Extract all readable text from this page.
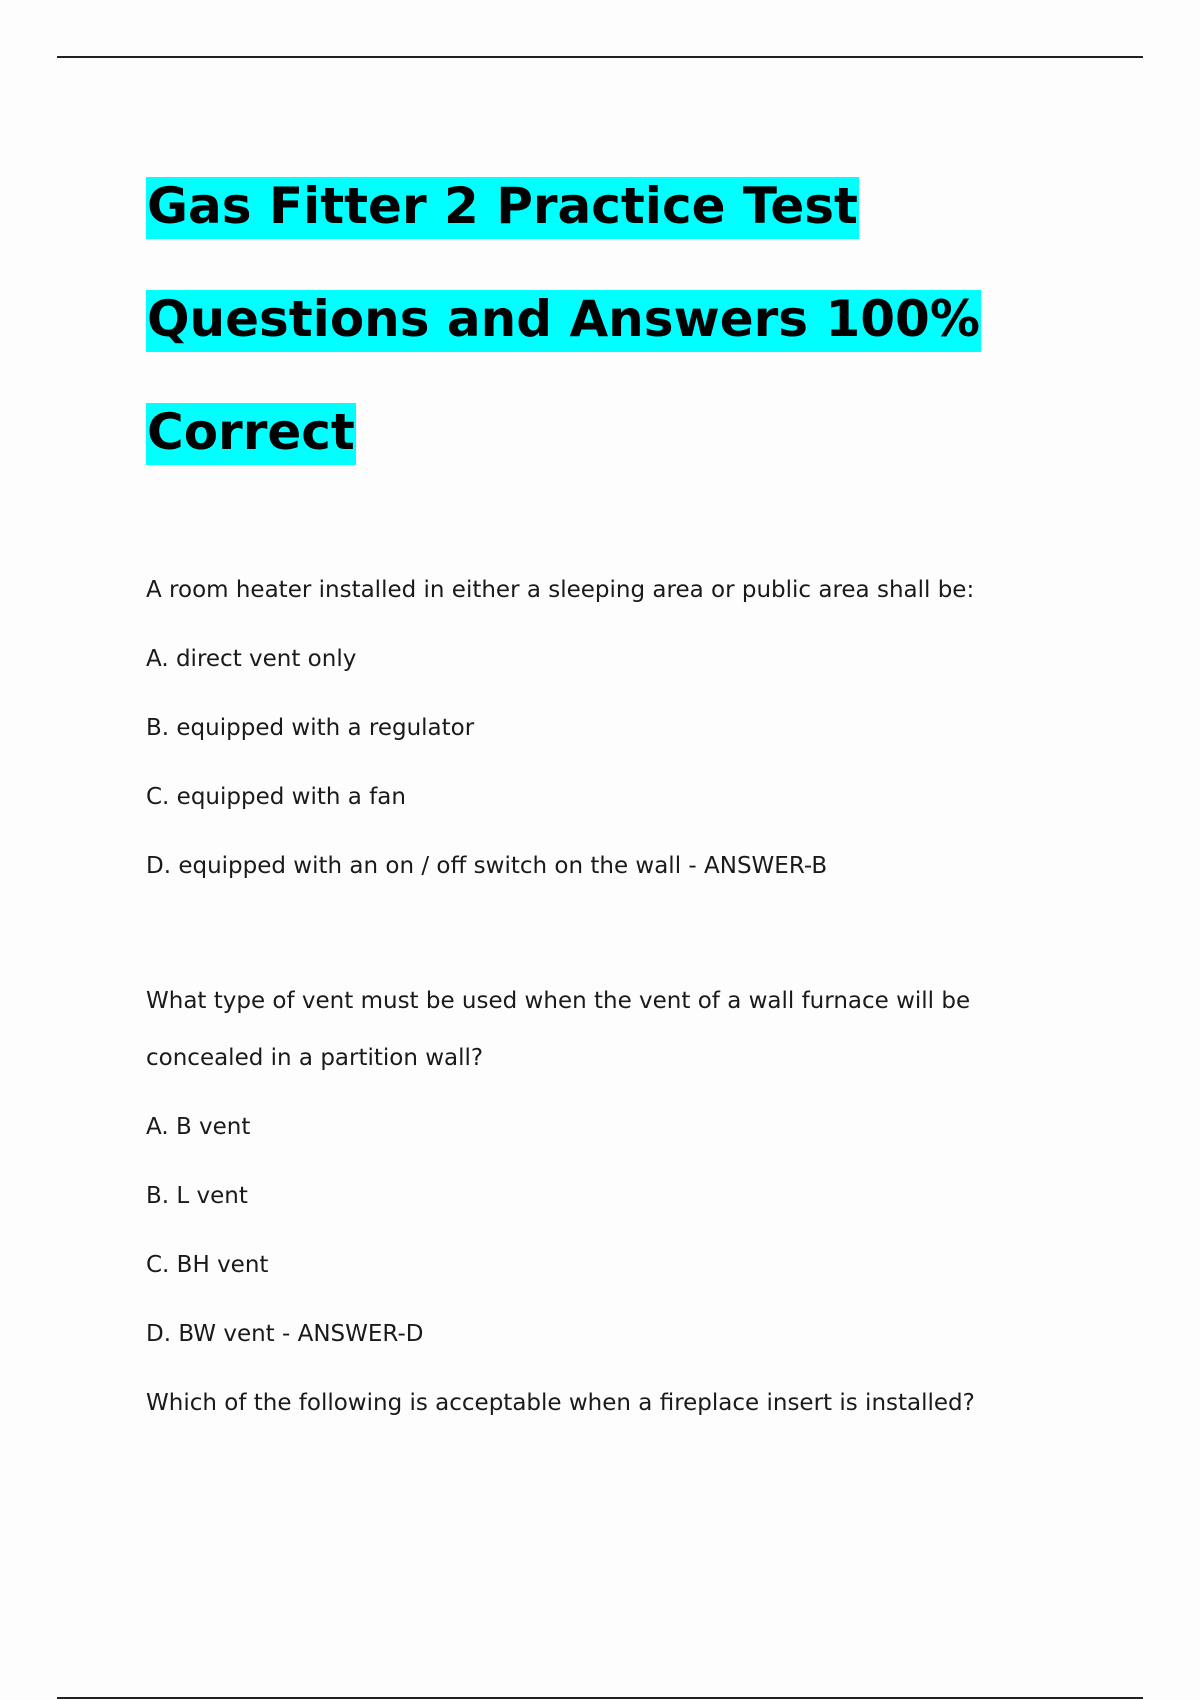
Gas Fitter 2 Practice Test
Questions and Answers 100%
Correct
A room heater installed in either a sleeping area or public area shall be:
A. direct vent only
B. equipped with a regulator
C. equipped with a fan
D. equipped with an on / off switch on the wall - ANSWER-B
What type of vent must be used when the vent of a wall furnace will be
concealed in a partition wall?
A. B vent
B. L vent
C. BH vent
D. BW vent - ANSWER-D
Which of the following is acceptable when a fireplace insert is installed?
